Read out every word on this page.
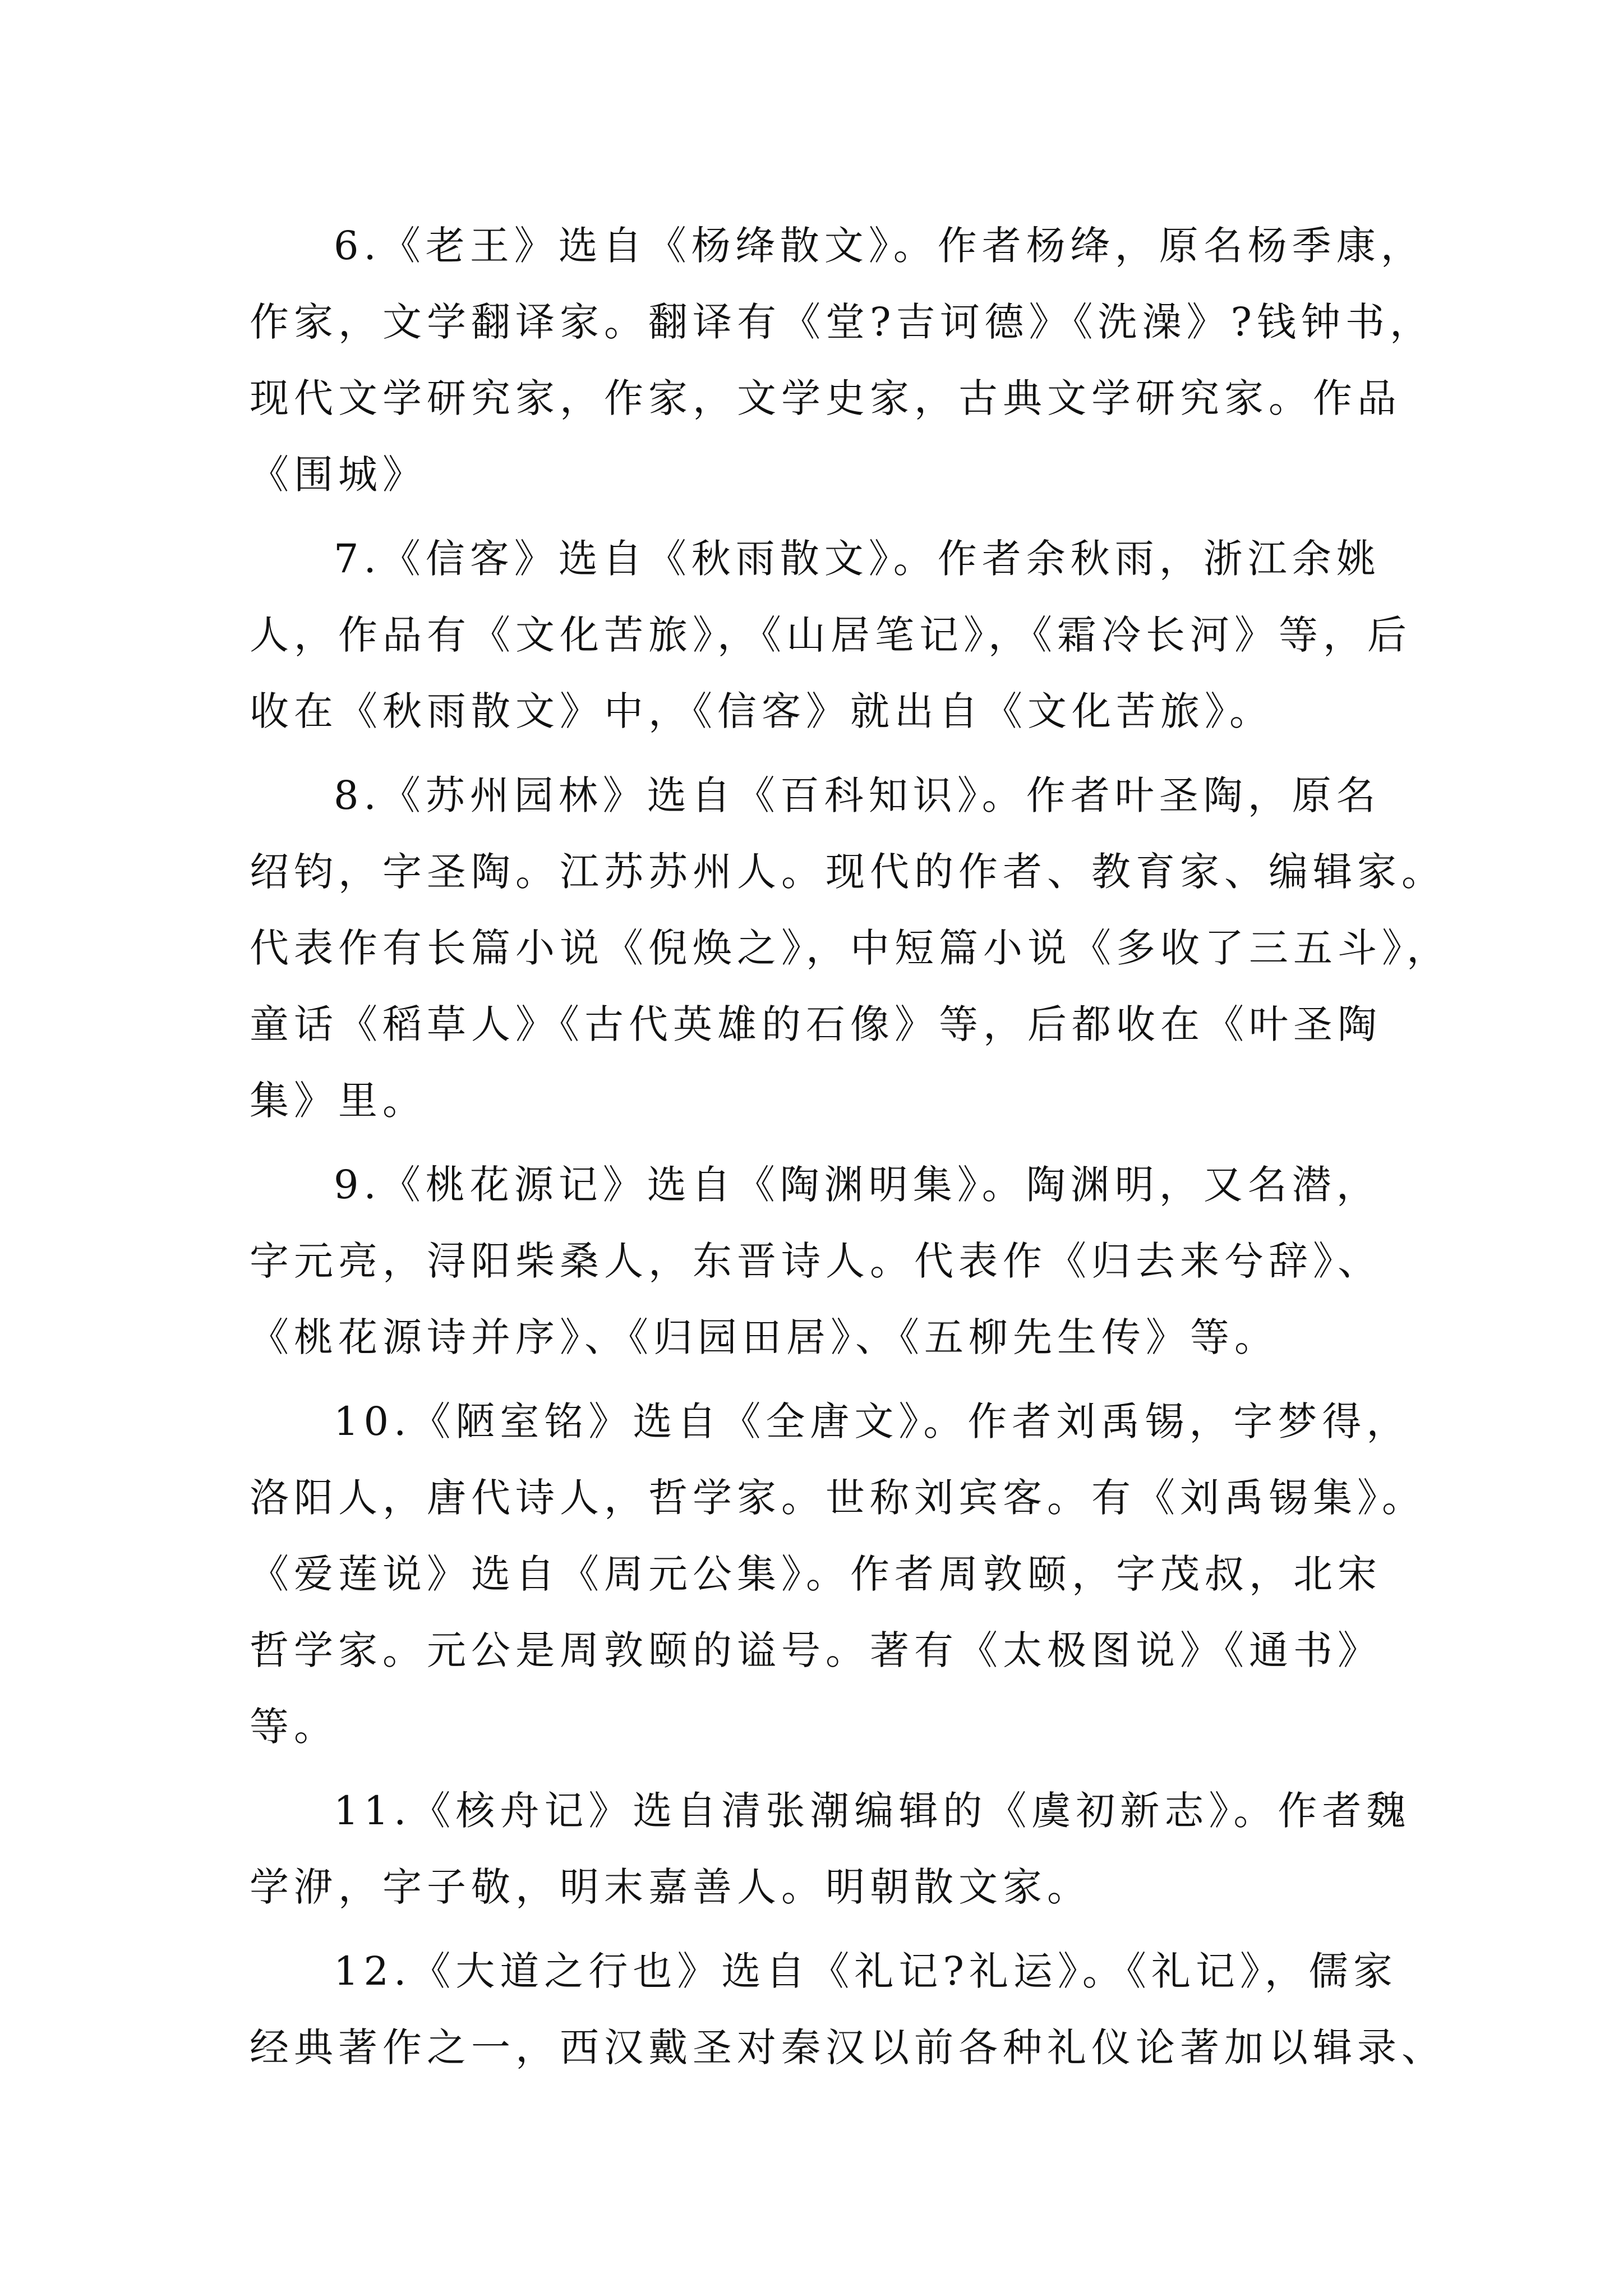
6.《老王》选自《杨绛散文》。作者杨绛，原名杨季康，
作家，文学翻译家。翻译有《堂?吉诃德》《洗澡》?钱钟书，
现代文学研究家，作家，文学史家，古典文学研究家。作品
《围城》
7.《信客》选自《秋雨散文》。作者余秋雨，浙江余姚
人，作品有《文化苦旅》，《山居笔记》，《霜冷长河》等，后
收在《秋雨散文》中，《信客》就出自《文化苦旅》。
8.《苏州园林》选自《百科知识》。作者叶圣陶，原名
绍钧，字圣陶。江苏苏州人。现代的作者、教育家、编辑家。
代表作有长篇小说《倪焕之》，中短篇小说《多收了三五斗》，
童话《稻草人》《古代英雄的石像》等，后都收在《叶圣陶
集》里。
9.《桃花源记》选自《陶渊明集》。陶渊明，又名潜，
字元亮，浔阳柴桑人，东晋诗人。代表作《归去来兮辞》、
《桃花源诗并序》、《归园田居》、《五柳先生传》等。
10.《陋室铭》选自《全唐文》。作者刘禹锡，字梦得，
洛阳人，唐代诗人，哲学家。世称刘宾客。有《刘禹锡集》。
《爱莲说》选自《周元公集》。作者周敦颐，字茂叔，北宋
哲学家。元公是周敦颐的谥号。著有《太极图说》《通书》
等。
11.《核舟记》选自清张潮编辑的《虞初新志》。作者魏
学洢，字子敬，明末嘉善人。明朝散文家。
12.《大道之行也》选自《礼记?礼运》。《礼记》，儒家
经典著作之一，西汉戴圣对秦汉以前各种礼仪论著加以辑录、
